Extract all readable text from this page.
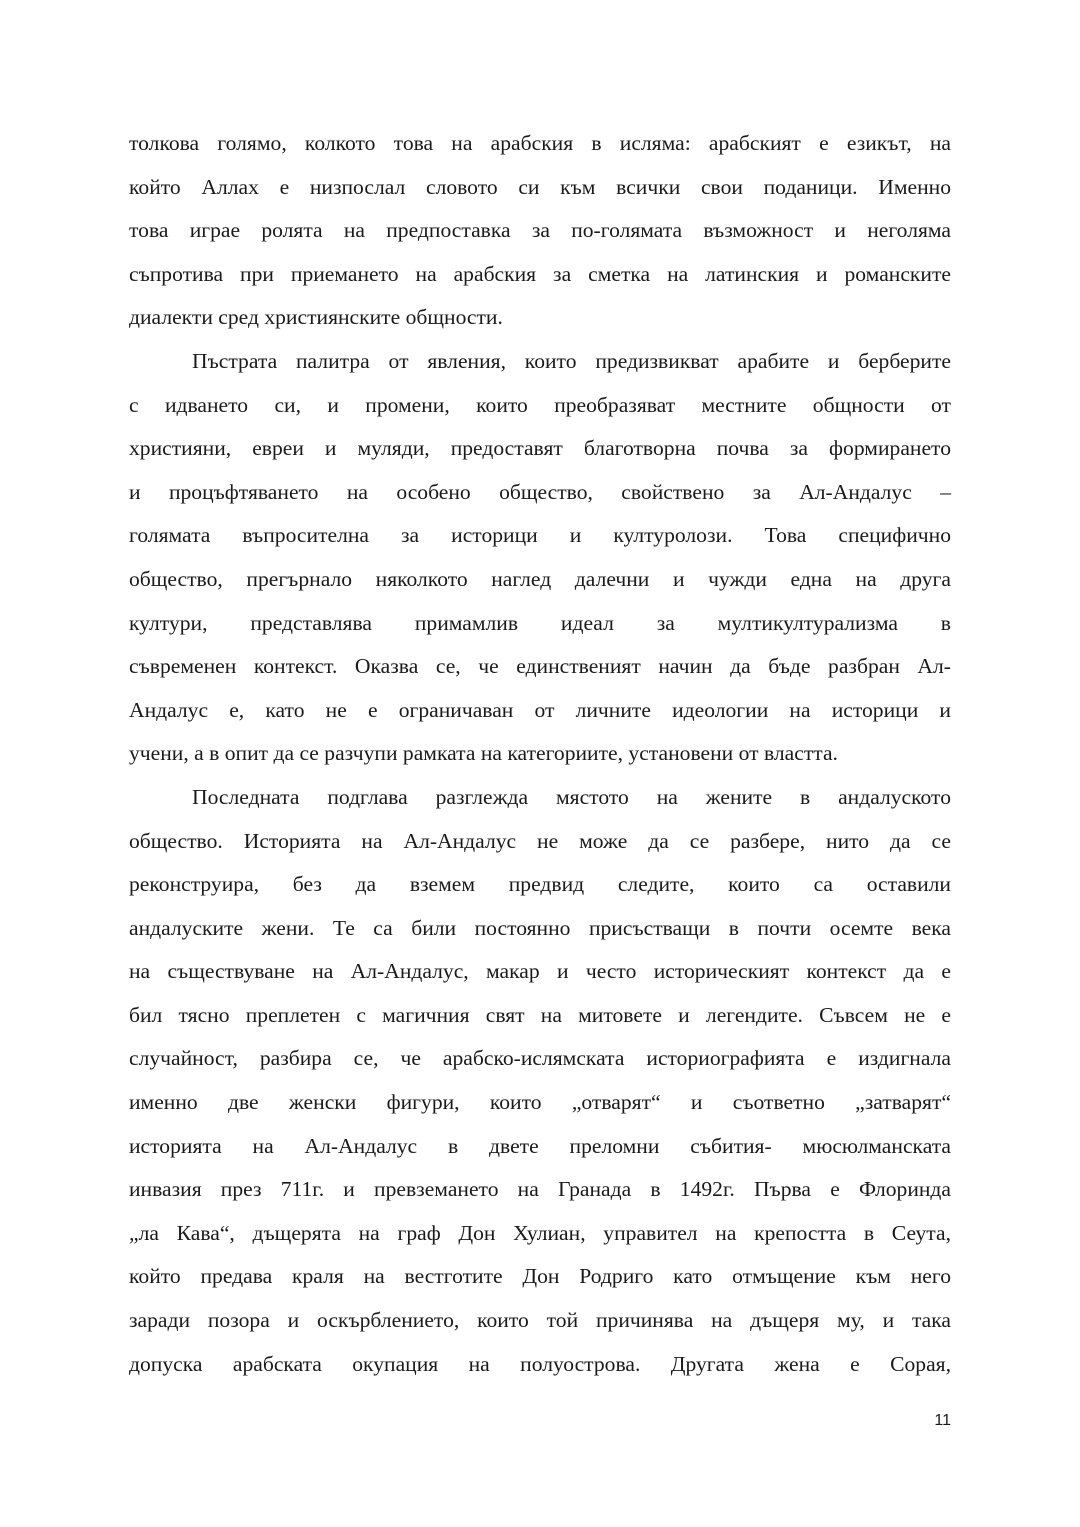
толкова голямо, колкото това на арабския в исляма: арабският е езикът, на
който Аллах е низпослал словото си към всички свои поданици. Именно
това играе ролята на предпоставка за по-голямата възможност и неголяма
съпротива при приемането на арабския за сметка на латинския и романските
диалекти сред християнските общности.
Пъстрата палитра от явления, които предизвикват арабите и берберите
с идването си, и промени, които преобразяват местните общности от
християни, евреи и муляди, предоставят благотворна почва за формирането
и процъфтяването на особено общество, свойствено за Ал-Андалус –
голямата въпросителна за историци и културолози. Това специфично
общество, прегърнало няколкото наглед далечни и чужди една на друга
култури, представлява примамлив идеал за мултикултурализма в
съвременен контекст. Оказва се, че единственият начин да бъде разбран Ал-
Андалус е, като не е ограничаван от личните идеологии на историци и
учени, а в опит да се разчупи рамката на категориите, установени от властта.
Последната подглава разглежда мястото на жените в андалуското
общество. Историята на Ал-Андалус не може да се разбере, нито да се
реконструира, без да вземем предвид следите, които са оставили
андалуските жени. Те са били постоянно присъстващи в почти осемте века
на съществуване на Ал-Андалус, макар и често историческият контекст да е
бил тясно преплетен с магичния свят на митовете и легендите. Съвсем не е
случайност, разбира се, че арабско-ислямската историографията е издигнала
именно две женски фигури, които „отварят“ и съответно „затварят“
историята на Ал-Андалус в двете преломни събития- мюсюлманската
инвазия през 711г. и превземането на Гранада в 1492г. Първа е Флоринда
„ла Кава“, дъщерята на граф Дон Хулиан, управител на крепостта в Сеута,
който предава краля на вестготите Дон Родриго като отмъщение към него
заради позора и оскърблението, които той причинява на дъщеря му, и така
допуска арабската окупация на полуострова. Другата жена е Сорая,
11
